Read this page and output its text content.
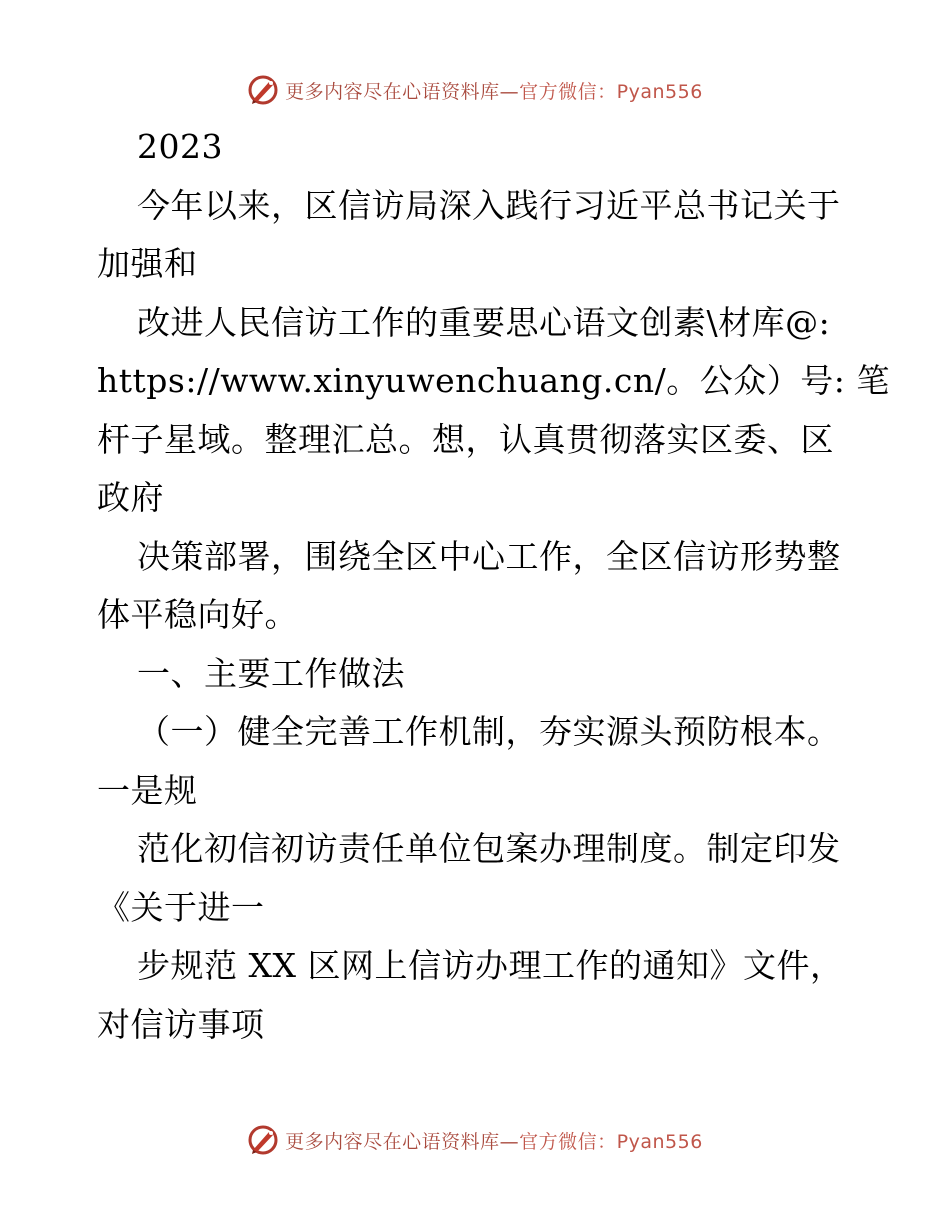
更多内容尽在心语资料库—官方微信：Pyan556
2023
今年以来，区信访局深入践行习近平总书记关于
加强和
改进人民信访工作的重要思心语文创素\材库@:
https://www.xinyuwenchuang.cn/。公众）号: 笔
杆子星域。整理汇总。想，认真贯彻落实区委、区
政府
决策部署，围绕全区中心工作，全区信访形势整
体平稳向好。
一、主要工作做法
（一）健全完善工作机制，夯实源头预防根本。
一是规
范化初信初访责任单位包案办理制度。制定印发
《关于进一
步规范 XX 区网上信访办理工作的通知》文件，
对信访事项
更多内容尽在心语资料库—官方微信：Pyan556
